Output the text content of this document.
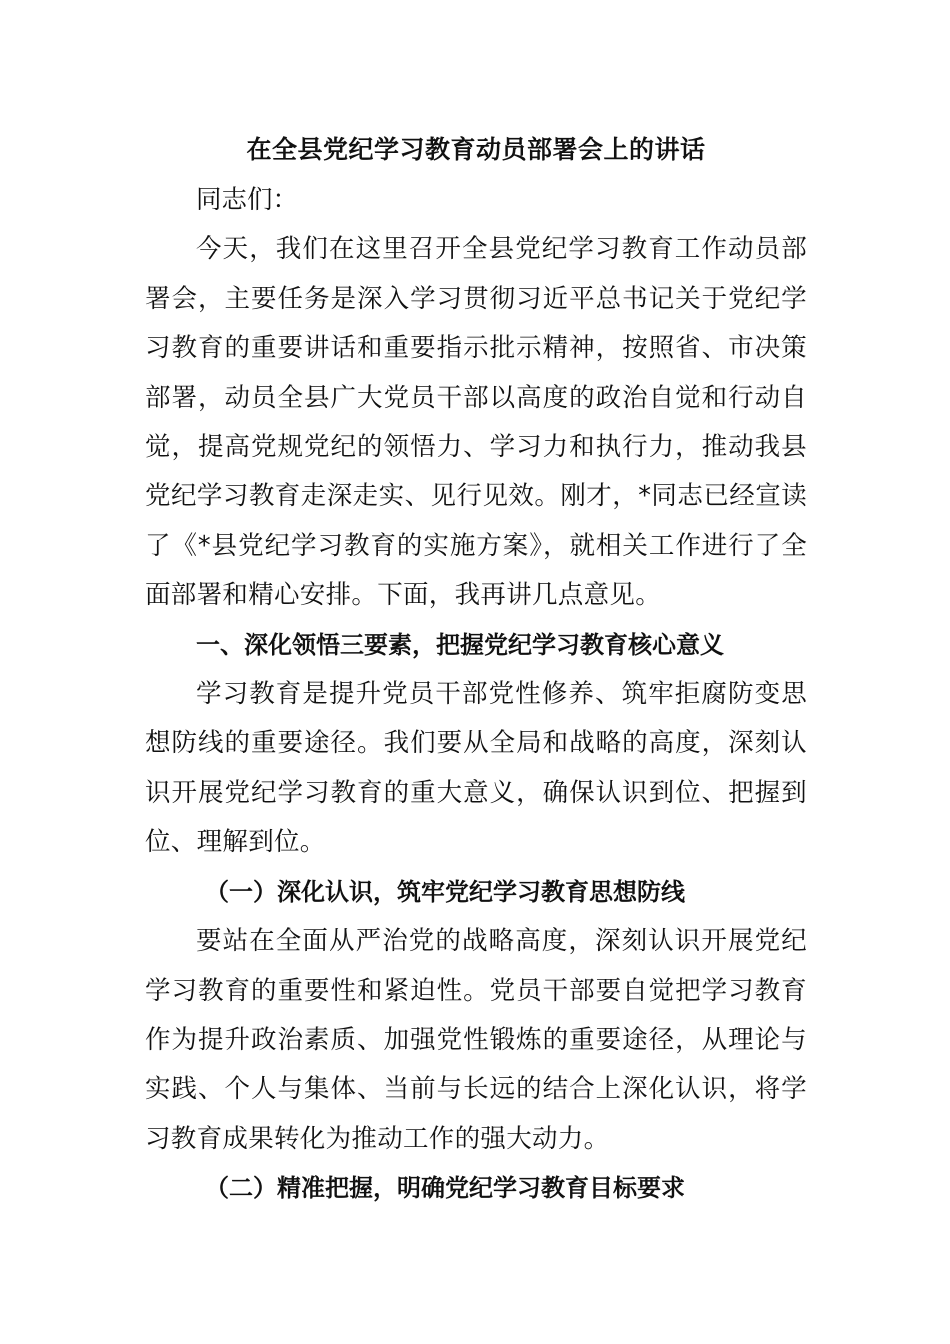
在全县党纪学习教育动员部署会上的讲话

同志们：

今天，我们在这里召开全县党纪学习教育工作动员部署会，主要任务是深入学习贯彻习近平总书记关于党纪学习教育的重要讲话和重要指示批示精神，按照省、市决策部署，动员全县广大党员干部以高度的政治自觉和行动自觉，提高党规党纪的领悟力、学习力和执行力，推动我县党纪学习教育走深走实、见行见效。刚才，*同志已经宣读了《*县党纪学习教育的实施方案》，就相关工作进行了全面部署和精心安排。下面，我再讲几点意见。

一、深化领悟三要素，把握党纪学习教育核心意义

学习教育是提升党员干部党性修养、筑牢拒腐防变思想防线的重要途径。我们要从全局和战略的高度，深刻认识开展党纪学习教育的重大意义，确保认识到位、把握到位、理解到位。

（一）深化认识，筑牢党纪学习教育思想防线

要站在全面从严治党的战略高度，深刻认识开展党纪学习教育的重要性和紧迫性。党员干部要自觉把学习教育作为提升政治素质、加强党性锻炼的重要途径，从理论与实践、个人与集体、当前与长远的结合上深化认识，将学习教育成果转化为推动工作的强大动力。

（二）精准把握，明确党纪学习教育目标要求
